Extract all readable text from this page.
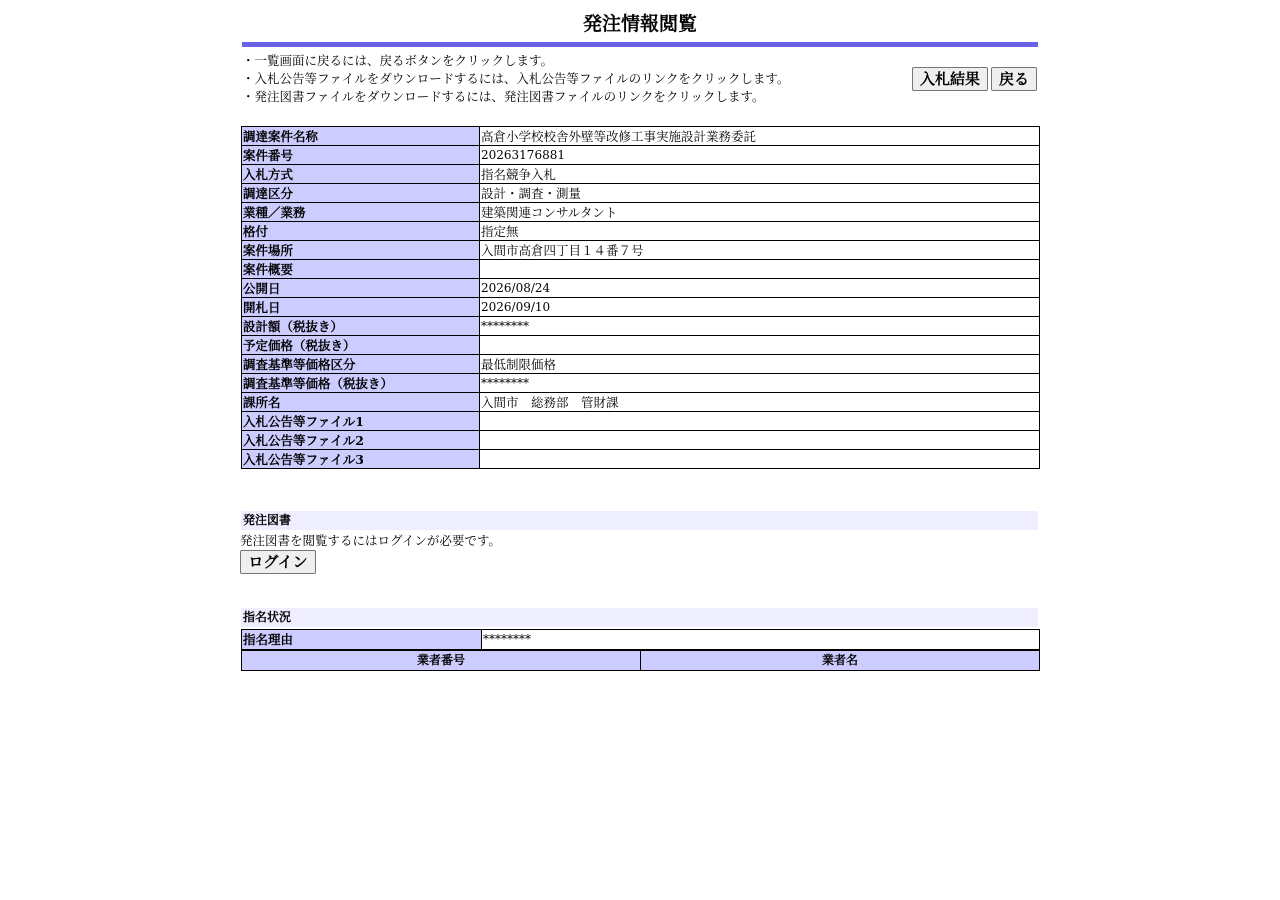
発注情報閲覧
・一覧画面に戻るには、戻るボタンをクリックします。
・入札公告等ファイルをダウンロードするには、入札公告等ファイルのリンクをクリックします。
・発注図書ファイルをダウンロードするには、発注図書ファイルのリンクをクリックします。
入札結果	戻る
調達案件名称	高倉小学校校舎外壁等改修工事実施設計業務委託
案件番号	20263176881
入札方式	指名競争入札
調達区分	設計・調査・測量
業種／業務	建築関連コンサルタント
格付	指定無
案件場所	入間市高倉四丁目１４番７号
案件概要	
公開日	2026/08/24
開札日	2026/09/10
設計額（税抜き）	********
予定価格（税抜き）	
調査基準等価格区分	最低制限価格
調査基準等価格（税抜き）	********
課所名	入間市　総務部　管財課
入札公告等ファイル1	
入札公告等ファイル2	
入札公告等ファイル3	
発注図書
発注図書を閲覧するにはログインが必要です。
ログイン
指名状況
指名理由	********
業者番号	業者名
